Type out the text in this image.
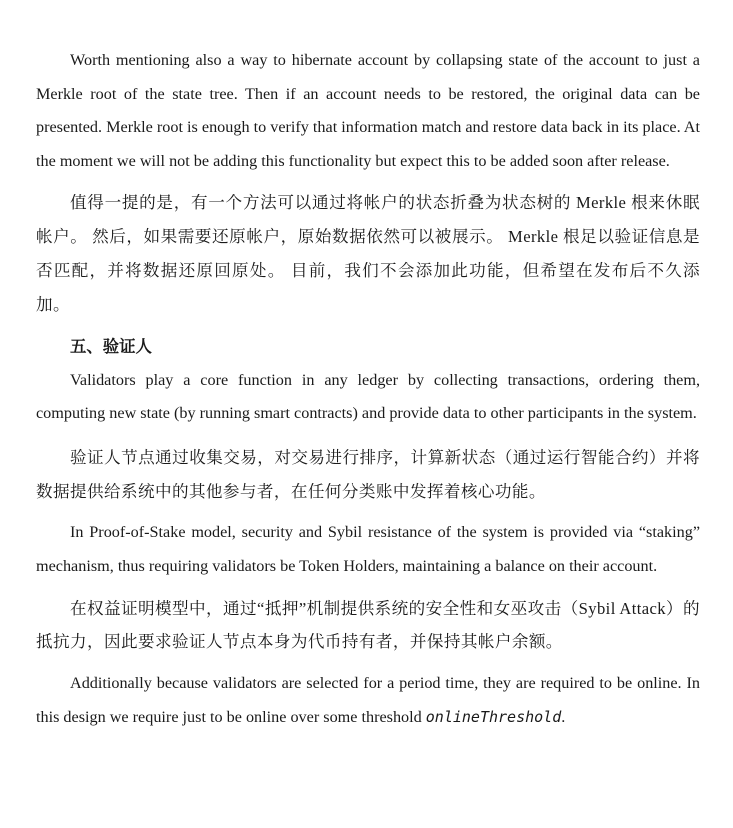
Worth mentioning also a way to hibernate account by collapsing state of the account to just a Merkle root of the state tree. Then if an account needs to be restored, the original data can be presented. Merkle root is enough to verify that information match and restore data back in its place. At the moment we will not be adding this functionality but expect this to be added soon after release.

值得一提的是，有一个方法可以通过将帐户的状态折叠为状态树的 Merkle 根来休眠帐户。 然后，如果需要还原帐户，原始数据依然可以被展示。 Merkle 根足以验证信息是否匹配，并将数据还原回原处。 目前，我们不会添加此功能，但希望在发布后不久添加。

五、验证人

Validators play a core function in any ledger by collecting transactions, ordering them, computing new state (by running smart contracts) and provide data to other participants in the system.

验证人节点通过收集交易，对交易进行排序，计算新状态（通过运行智能合约）并将数据提供给系统中的其他参与者，在任何分类账中发挥着核心功能。

In Proof-of-Stake model, security and Sybil resistance of the system is provided via “staking” mechanism, thus requiring validators be Token Holders, maintaining a balance on their account.

在权益证明模型中，通过“抵押”机制提供系统的安全性和女巫攻击（Sybil Attack）的抵抗力，因此要求验证人节点本身为代币持有者，并保持其帐户余额。

Additionally because validators are selected for a period time, they are required to be online. In this design we require just to be online over some threshold onlineThreshold.
